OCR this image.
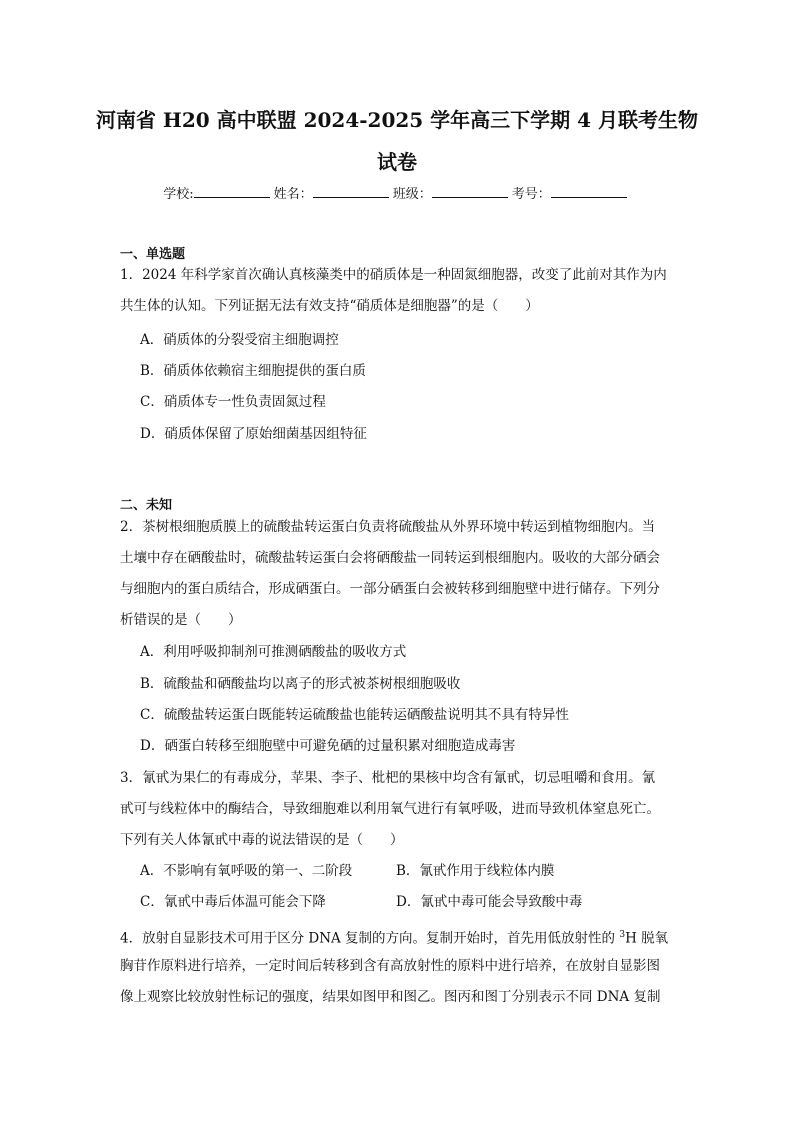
河南省 H20 高中联盟 2024-2025 学年高三下学期 4 月联考生物
试卷
学校:	姓名：	班级：	考号：
一、单选题
1．2024 年科学家首次确认真核藻类中的硝质体是一种固氮细胞器，改变了此前对其作为内
共生体的认知。下列证据无法有效支持“硝质体是细胞器”的是（　　）
A．硝质体的分裂受宿主细胞调控
B．硝质体依赖宿主细胞提供的蛋白质
C．硝质体专一性负责固氮过程
D．硝质体保留了原始细菌基因组特征
二、未知
2．茶树根细胞质膜上的硫酸盐转运蛋白负责将硫酸盐从外界环境中转运到植物细胞内。当
土壤中存在硒酸盐时，硫酸盐转运蛋白会将硒酸盐一同转运到根细胞内。吸收的大部分硒会
与细胞内的蛋白质结合，形成硒蛋白。一部分硒蛋白会被转移到细胞壁中进行储存。下列分
析错误的是（　　）
A．利用呼吸抑制剂可推测硒酸盐的吸收方式
B．硫酸盐和硒酸盐均以离子的形式被茶树根细胞吸收
C．硫酸盐转运蛋白既能转运硫酸盐也能转运硒酸盐说明其不具有特异性
D．硒蛋白转移至细胞壁中可避免硒的过量积累对细胞造成毒害
3．氰甙为果仁的有毒成分，苹果、李子、枇杷的果核中均含有氰甙，切忌咀嚼和食用。氰
甙可与线粒体中的酶结合，导致细胞难以利用氧气进行有氧呼吸，进而导致机体窒息死亡。
下列有关人体氰甙中毒的说法错误的是（　　）
A．不影响有氧呼吸的第一、二阶段	B．氰甙作用于线粒体内膜
C．氰甙中毒后体温可能会下降	D．氰甙中毒可能会导致酸中毒
4．放射自显影技术可用于区分 DNA 复制的方向。复制开始时，首先用低放射性的 $^3$H 脱氧
胸苷作原料进行培养，一定时间后转移到含有高放射性的原料中进行培养，在放射自显影图
像上观察比较放射性标记的强度，结果如图甲和图乙。图丙和图丁分别表示不同 DNA 复制
